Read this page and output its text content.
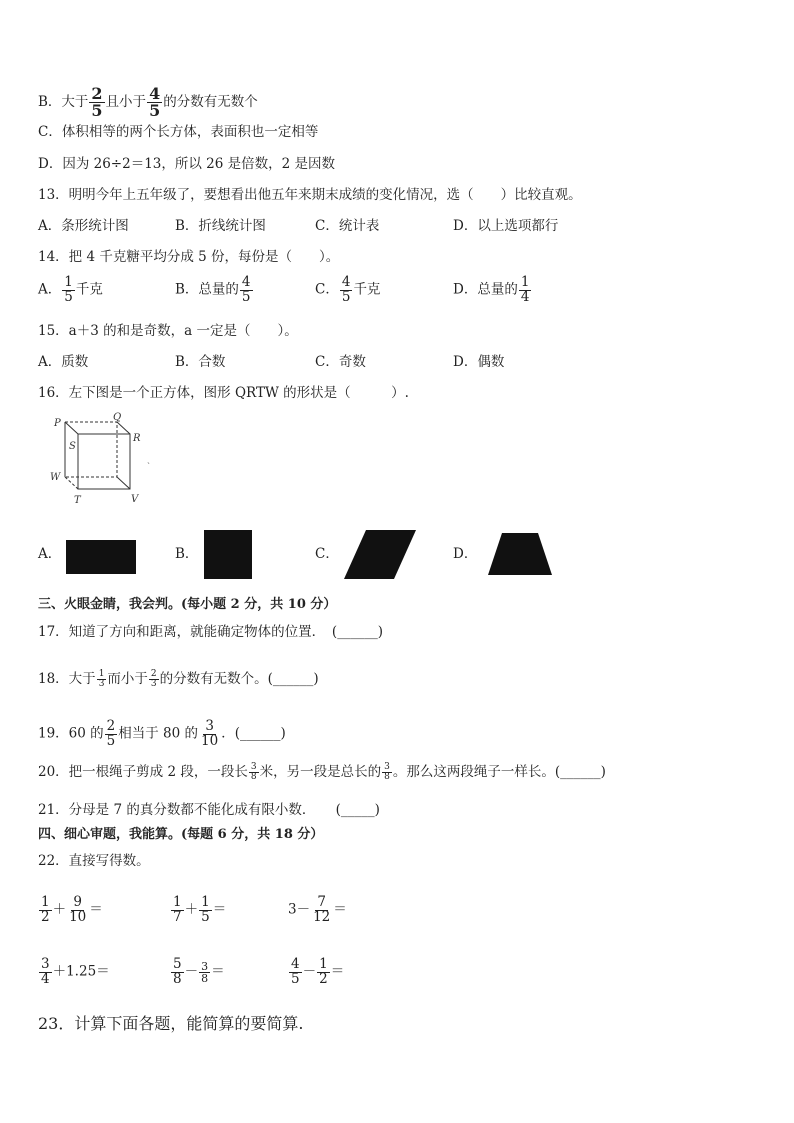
B．大于 $\frac{2}{5}$ 且小于 $\frac{4}{5}$ 的分数有无数个
C．体积相等的两个长方体，表面积也一定相等
D．因为 26÷2＝13，所以 26 是倍数，2 是因数
13．明明今年上五年级了，要想看出他五年来期末成绩的变化情况，选（　　）比较直观。
A．条形统计图	B．折线统计图	C．统计表	D．以上选项都行
14．把 4 千克糖平均分成 5 份，每份是（　　）。
A． $\frac{1}{5}$ 千克	B．总量的 $\frac{4}{5}$	C． $\frac{4}{5}$ 千克	D．总量的 $\frac{1}{4}$
15．a＋3 的和是奇数，a 一定是（　　）。
A．质数	B．合数	C．奇数	D．偶数
16．左下图是一个正方体，图形 QRTW 的形状是（　　　）.
P
Q
R
S
W
T	V
ˎ
A．	B．	C．	D．
三、火眼金睛，我会判。(每小题 2 分，共 10 分）
17．知道了方向和距离，就能确定物体的位置．　(______)
18．大于 $\frac{1}{3}$ 而小于 $\frac{2}{3}$ 的分数有无数个。(______)
19．60 的 $\frac{2}{5}$ 相当于 80 的 $\frac{3}{10}$ ．(______)
20．把一根绳子剪成 2 段，一段长 $\frac{3}{8}$ 米，另一段是总长的 $\frac{3}{8}$ 。那么这两段绳子一样长。(______)
21．分母是 7 的真分数都不能化成有限小数．　　(_____)
四、细心审题，我能算。(每题 6 分，共 18 分）
22．直接写得数。
$\frac{1}{2} + \frac{9}{10}$ ＝	$\frac{1}{7} + \frac{1}{5}$ ＝	$3- \frac{7}{12}$ ＝
$\frac{3}{4} +1.25=$	$\frac{5}{8} - \frac{3}{8}$ ＝	$\frac{4}{5} - \frac{1}{2}$ ＝
23．计算下面各题，能简算的要简算.
